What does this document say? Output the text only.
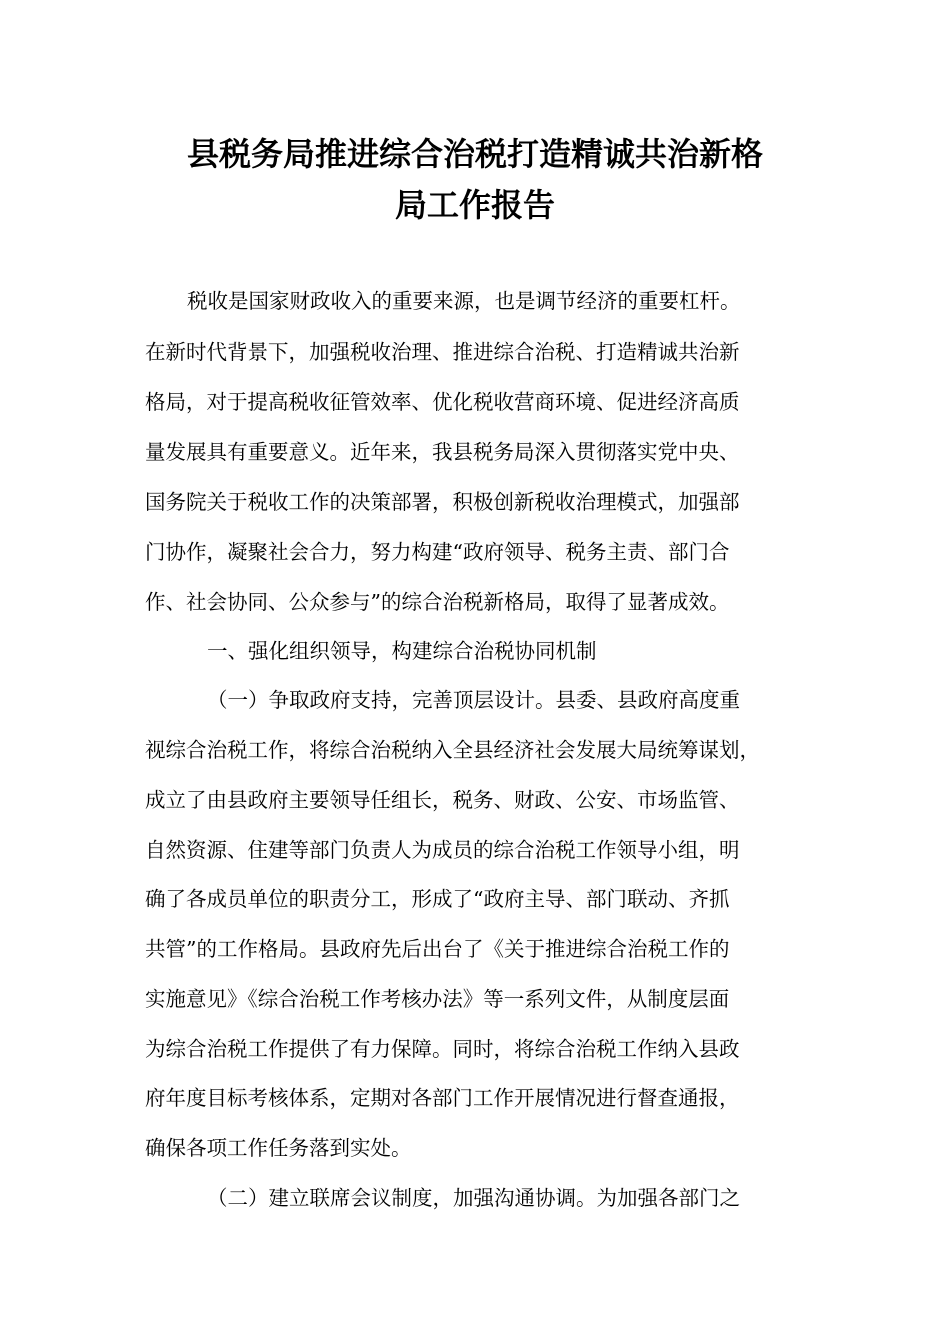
县税务局推进综合治税打造精诚共治新格
局工作报告

税收是国家财政收入的重要来源，也是调节经济的重要杠杆。

在新时代背景下，加强税收治理、推进综合治税、打造精诚共治新

格局，对于提高税收征管效率、优化税收营商环境、促进经济高质

量发展具有重要意义。近年来，我县税务局深入贯彻落实党中央、

国务院关于税收工作的决策部署，积极创新税收治理模式，加强部

门协作，凝聚社会合力，努力构建“政府领导、税务主责、部门合

作、社会协同、公众参与”的综合治税新格局，取得了显著成效。

一、强化组织领导，构建综合治税协同机制

（一）争取政府支持，完善顶层设计。县委、县政府高度重

视综合治税工作，将综合治税纳入全县经济社会发展大局统筹谋划，

成立了由县政府主要领导任组长，税务、财政、公安、市场监管、

自然资源、住建等部门负责人为成员的综合治税工作领导小组，明

确了各成员单位的职责分工，形成了“政府主导、部门联动、齐抓

共管”的工作格局。县政府先后出台了《关于推进综合治税工作的

实施意见》《综合治税工作考核办法》等一系列文件，从制度层面

为综合治税工作提供了有力保障。同时，将综合治税工作纳入县政

府年度目标考核体系，定期对各部门工作开展情况进行督查通报，

确保各项工作任务落到实处。

（二）建立联席会议制度，加强沟通协调。为加强各部门之
